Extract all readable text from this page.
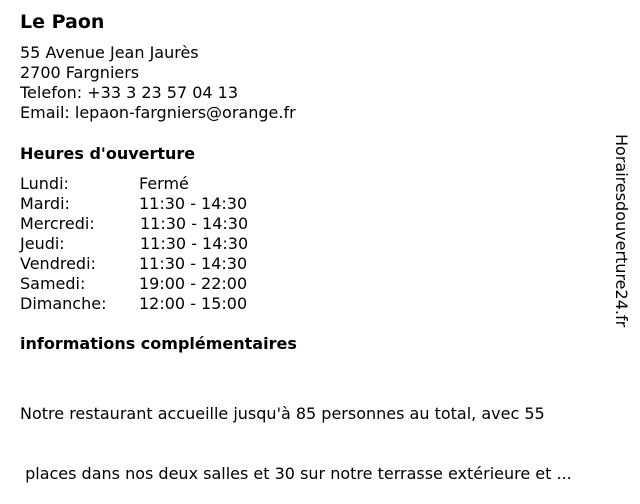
Le Paon
55 Avenue Jean Jaurès
2700 Fargniers
Telefon: +33 3 23 57 04 13
Email: lepaon-fargniers@orange.fr
Heures d'ouverture
Lundi:	Fermé
Mardi:	11:30 - 14:30
Mercredi:	11:30 - 14:30
Jeudi:	11:30 - 14:30
Vendredi:	11:30 - 14:30
Samedi:	19:00 - 22:00
Dimanche: 12:00 - 15:00
informations complémentaires

Notre restaurant accueille jusqu'à 85 personnes au total, avec 55

places dans nos deux salles et 30 sur notre terrasse extérieure et ...

Horairesdouverture24.fr
